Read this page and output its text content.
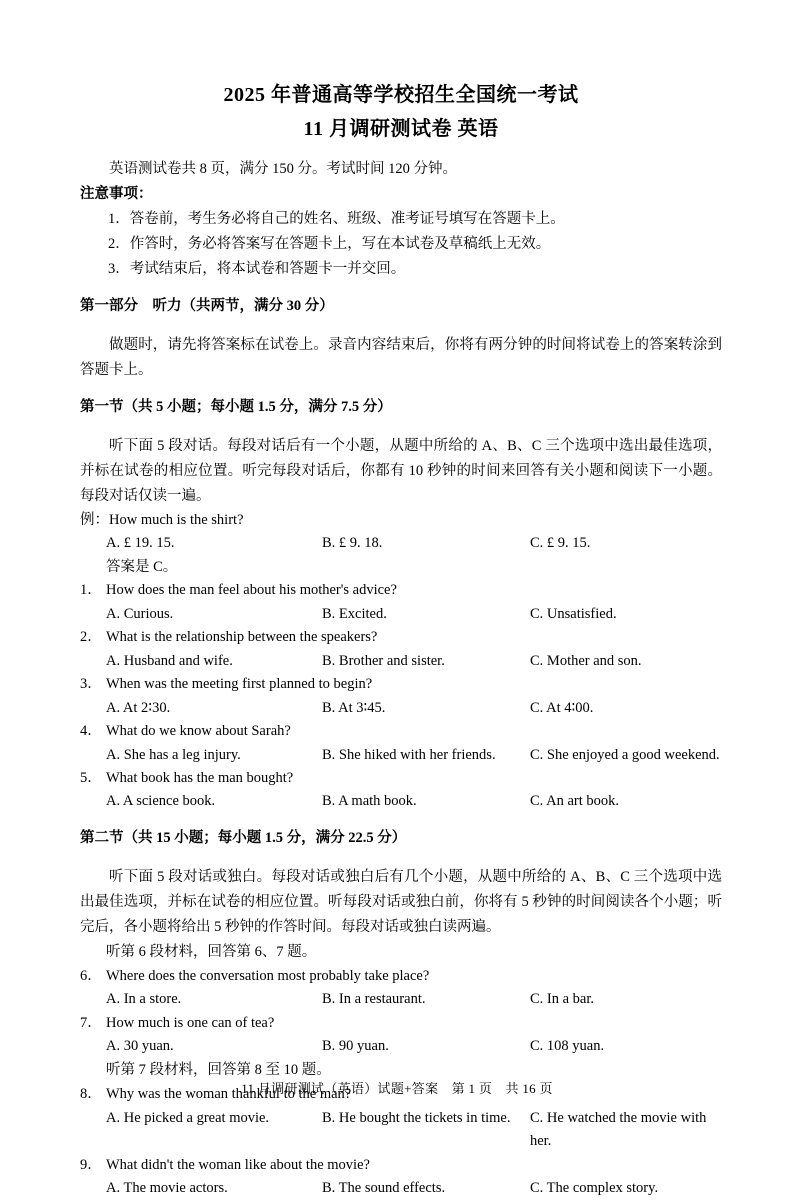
2025 年普通高等学校招生全国统一考试
11 月调研测试卷 英语

英语测试卷共 8 页，满分 150 分。考试时间 120 分钟。

注意事项：

1．答卷前，考生务必将自己的姓名、班级、准考证号填写在答题卡上。

2．作答时，务必将答案写在答题卡上，写在本试卷及草稿纸上无效。

3．考试结束后，将本试卷和答题卡一并交回。

第一部分　听力（共两节，满分 30 分）

做题时，请先将答案标在试卷上。录音内容结束后，你将有两分钟的时间将试卷上的答案转涂到答题卡上。

第一节（共 5 小题；每小题 1.5 分，满分 7.5 分）

听下面 5 段对话。每段对话后有一个小题，从题中所给的 A、B、C 三个选项中选出最佳选项，并标在试卷的相应位置。听完每段对话后，你都有 10 秒钟的时间来回答有关小题和阅读下一小题。每段对话仅读一遍。

例：How much is the shirt?

A. £ 19. 15.	B. £ 9. 18.	C. £ 9. 15.
答案是 C。
1． How does the man feel about his mother's advice?
A. Curious.	B. Excited.	C. Unsatisfied.
2． What is the relationship between the speakers?
A. Husband and wife.	B. Brother and sister.	C. Mother and son.
3． When was the meeting first planned to begin?
A. At 2∶30.	B. At 3∶45.	C. At 4∶00.
4． What do we know about Sarah?
A. She has a leg injury.	B. She hiked with her friends.	C. She enjoyed a good weekend.
5． What book has the man bought?
A. A science book.	B. A math book.	C. An art book.

第二节（共 15 小题；每小题 1.5 分，满分 22.5 分）

听下面 5 段对话或独白。每段对话或独白后有几个小题，从题中所给的 A、B、C 三个选项中选出最佳选项，并标在试卷的相应位置。听每段对话或独白前，你将有 5 秒钟的时间阅读各个小题；听完后，各小题将给出 5 秒钟的作答时间。每段对话或独白读两遍。

听第 6 段材料，回答第 6、7 题。

6． Where does the conversation most probably take place?
A. In a store.	B. In a restaurant.	C. In a bar.
7． How much is one can of tea?
A. 30 yuan.	B. 90 yuan.	C. 108 yuan.

听第 7 段材料，回答第 8 至 10 题。

8． Why was the woman thankful to the man?
A. He picked a great movie.	B. He bought the tickets in time.	C. He watched the movie with her.
9． What didn't the woman like about the movie?
A. The movie actors.	B. The sound effects.	C. The complex story.
11 月调研测试（英语）试题+答案　第 1 页　共 16 页
